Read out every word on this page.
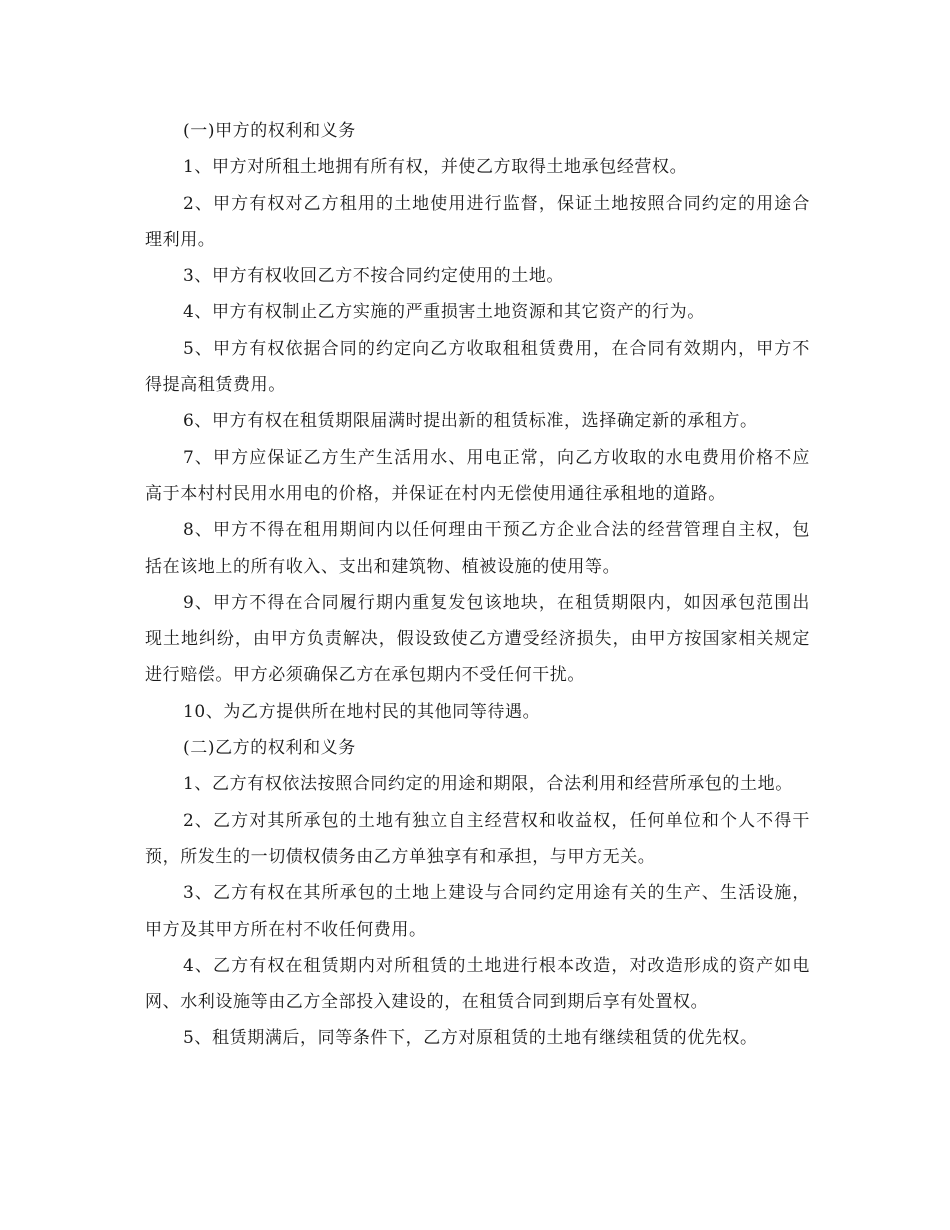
(一)甲方的权利和义务

1、甲方对所租土地拥有所有权，并使乙方取得土地承包经营权。

2、甲方有权对乙方租用的土地使用进行监督，保证土地按照合同约定的用途合理利用。

3、甲方有权收回乙方不按合同约定使用的土地。

4、甲方有权制止乙方实施的严重损害土地资源和其它资产的行为。

5、甲方有权依据合同的约定向乙方收取租租赁费用，在合同有效期内，甲方不得提高租赁费用。

6、甲方有权在租赁期限届满时提出新的租赁标准，选择确定新的承租方。

7、甲方应保证乙方生产生活用水、用电正常，向乙方收取的水电费用价格不应高于本村村民用水用电的价格，并保证在村内无偿使用通往承租地的道路。

8、甲方不得在租用期间内以任何理由干预乙方企业合法的经营管理自主权，包括在该地上的所有收入、支出和建筑物、植被设施的使用等。

9、甲方不得在合同履行期内重复发包该地块，在租赁期限内，如因承包范围出现土地纠纷，由甲方负责解决，假设致使乙方遭受经济损失，由甲方按国家相关规定进行赔偿。甲方必须确保乙方在承包期内不受任何干扰。

10、为乙方提供所在地村民的其他同等待遇。

(二)乙方的权利和义务

1、乙方有权依法按照合同约定的用途和期限，合法利用和经营所承包的土地。

2、乙方对其所承包的土地有独立自主经营权和收益权，任何单位和个人不得干预，所发生的一切债权债务由乙方单独享有和承担，与甲方无关。

3、乙方有权在其所承包的土地上建设与合同约定用途有关的生产、生活设施，甲方及其甲方所在村不收任何费用。

4、乙方有权在租赁期内对所租赁的土地进行根本改造，对改造形成的资产如电网、水利设施等由乙方全部投入建设的，在租赁合同到期后享有处置权。

5、租赁期满后，同等条件下，乙方对原租赁的土地有继续租赁的优先权。
